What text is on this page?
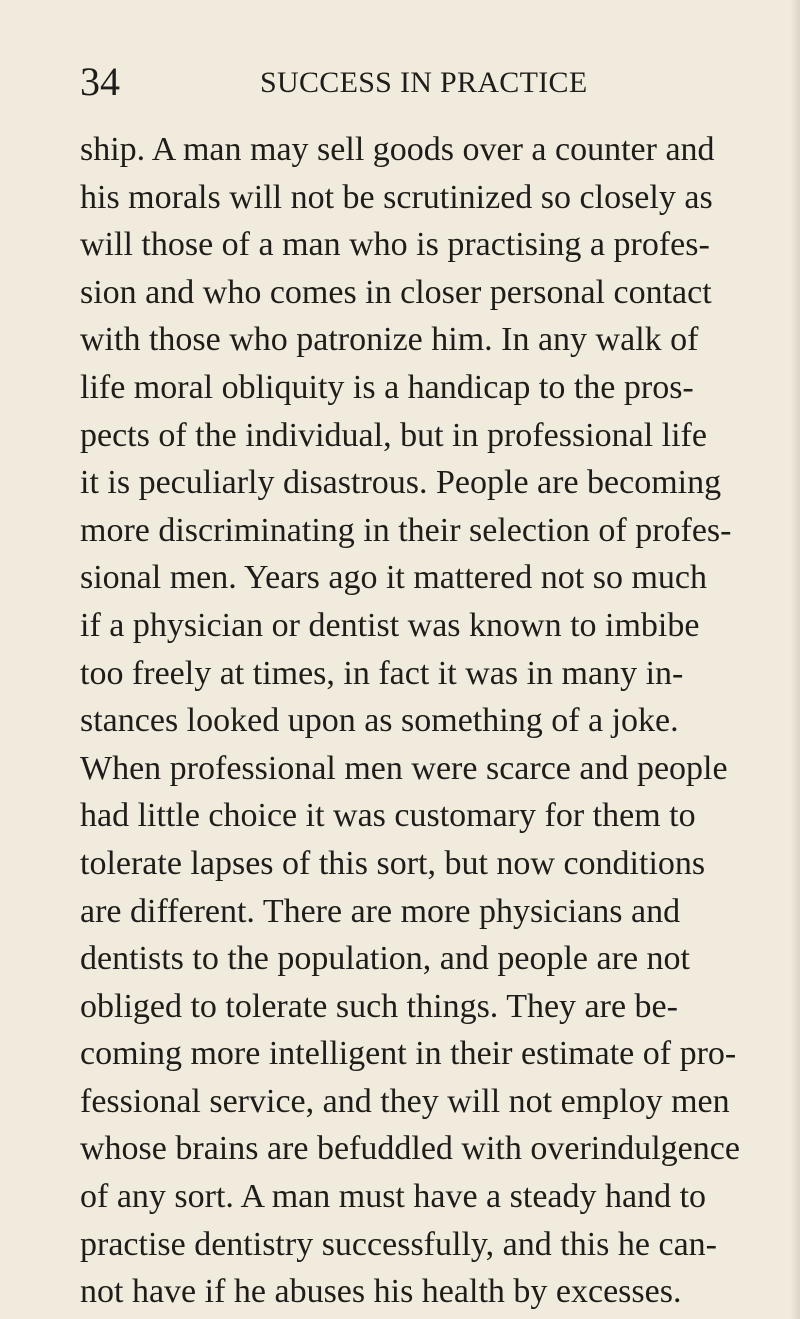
34	SUCCESS IN PRACTICE
ship. A man may sell goods over a counter and
his morals will not be scrutinized so closely as
will those of a man who is practising a profes-
sion and who comes in closer personal contact
with those who patronize him. In any walk of
life moral obliquity is a handicap to the pros-
pects of the individual, but in professional life
it is peculiarly disastrous. People are becoming
more discriminating in their selection of profes-
sional men. Years ago it mattered not so much
if a physician or dentist was known to imbibe
too freely at times, in fact it was in many in-
stances looked upon as something of a joke.
When professional men were scarce and people
had little choice it was customary for them to
tolerate lapses of this sort, but now conditions
are different. There are more physicians and
dentists to the population, and people are not
obliged to tolerate such things. They are be-
coming more intelligent in their estimate of pro-
fessional service, and they will not employ men
whose brains are befuddled with overindulgence
of any sort. A man must have a steady hand to
practise dentistry successfully, and this he can-
not have if he abuses his health by excesses.
